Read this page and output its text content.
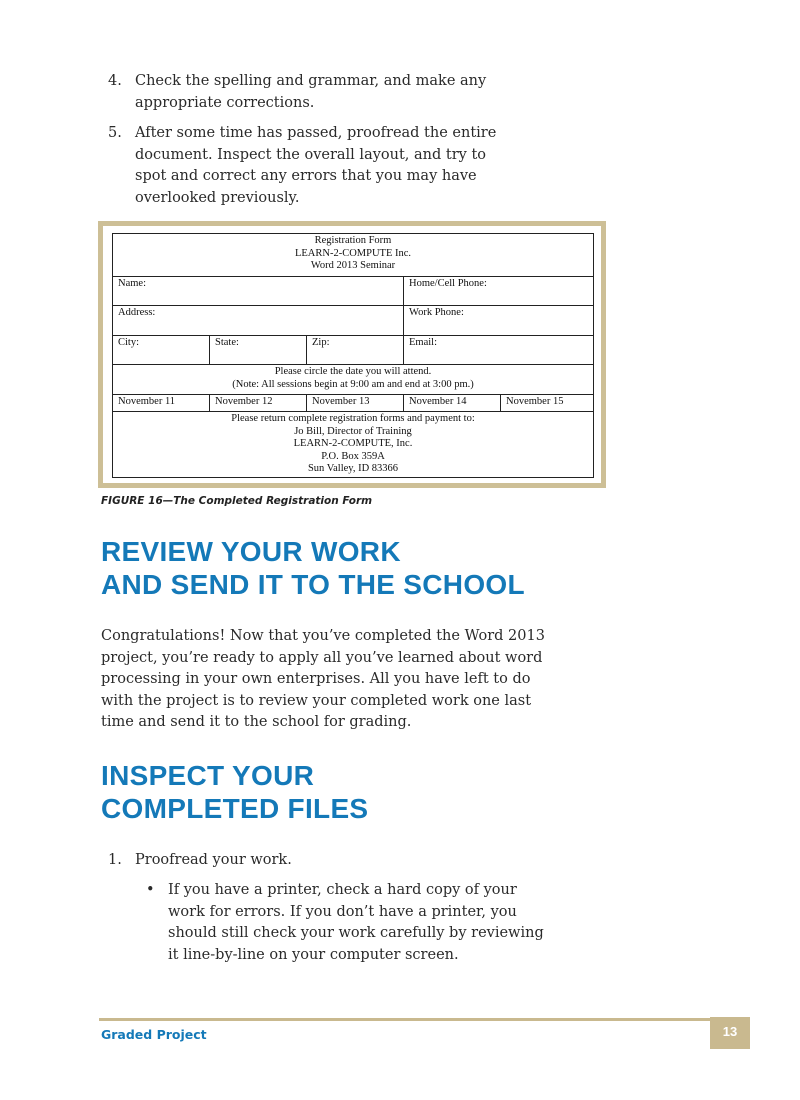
4. Check the spelling and grammar, and make any appropriate corrections.
5. After some time has passed, proofread the entire document. Inspect the overall layout, and try to spot and correct any errors that you may have overlooked previously.
Registration Form
LEARN-2-COMPUTE Inc.
Word 2013 Seminar				

Name:			Home/Cell Phone:	
Address:			Work Phone:	
City:	State:	Zip:	Email:	

Please circle the date you will attend.
(Note: All sessions begin at 9:00 am and end at 3:00 pm.)				

November 11	November 12	November 13	November 14	November 15

Please return complete registration forms and payment to:
Jo Bill, Director of Training
LEARN-2-COMPUTE, Inc.
P.O. Box 359A
Sun Valley, ID 83366				
FIGURE 16—The Completed Registration Form
REVIEW YOUR WORK
AND SEND IT TO THE SCHOOL
Congratulations! Now that you’ve completed the Word 2013 project, you’re ready to apply all you’ve learned about word processing in your own enterprises. All you have left to do with the project is to review your completed work one last time and send it to the school for grading.
INSPECT YOUR
COMPLETED FILES
1. Proofread your work.
• If you have a printer, check a hard copy of your work for errors. If you don’t have a printer, you should still check your work carefully by reviewing it line-by-line on your computer screen.
Graded Project	13
